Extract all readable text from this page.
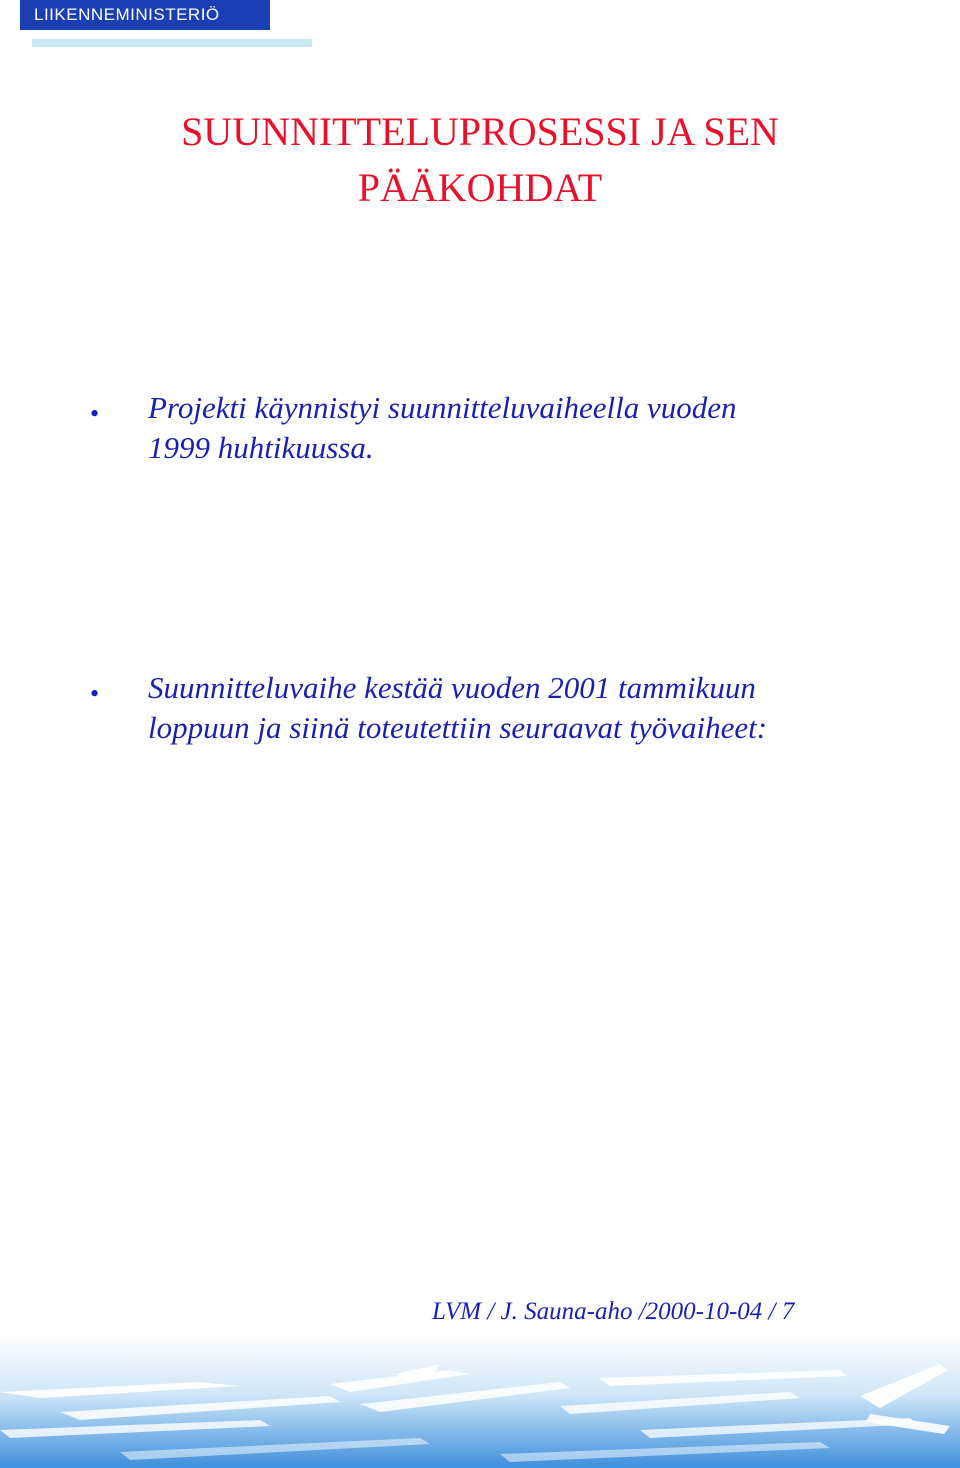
LIIKENNEMINISTERIÖ
SUUNNITTELUPROSESSI JA SEN
PÄÄKOHDAT
• Projekti käynnistyi suunnitteluvaiheella vuoden
1999 huhtikuussa.
• Suunnitteluvaihe kestää vuoden 2001 tammikuun
loppuun ja siinä toteutettiin seuraavat työvaiheet:
LVM / J. Sauna-aho /2000-10-04 / 7
